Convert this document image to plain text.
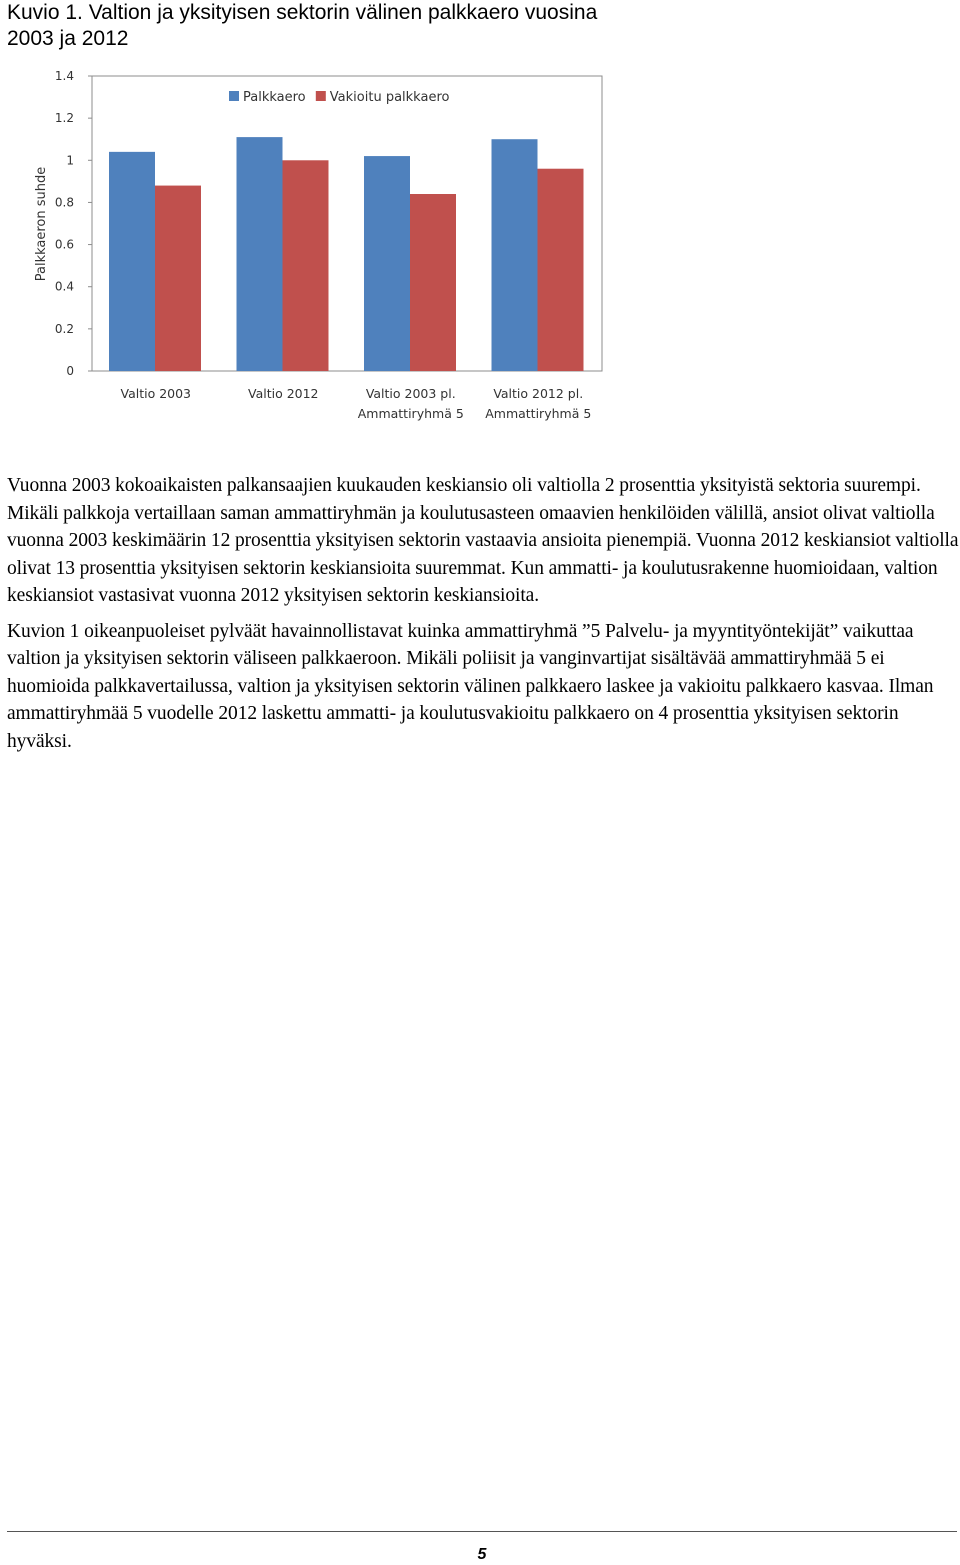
Kuvio 1. Valtion ja yksityisen sektorin välinen palkkaero vuosina
2003 ja 2012
0
0.2
0.4
0.6
0.8
1
1.2
1.4
Palkkaeron suhde
Palkkaero Vakioitu palkkaero
Valtio 2003	Valtio 2012	Valtio 2003 pl.
Ammattiryhmä 5
Valtio 2012 pl.
Ammattiryhmä 5

Vuonna 2003 kokoaikaisten palkansaajien kuukauden keskiansio oli valtiolla 2 prosenttia yksityistä sektoria suurempi. Mikäli palkkoja vertaillaan saman ammattiryhmän ja koulutusasteen omaavien henkilöiden välillä, ansiot olivat valtiolla vuonna 2003 keskimäärin 12 prosenttia yksityisen sektorin vastaavia ansioita pienempiä. Vuonna 2012 keskiansiot valtiolla olivat 13 prosenttia yksityisen sektorin keskiansioita suuremmat. Kun ammatti- ja koulutusrakenne huomioidaan, valtion keskiansiot vastasivat vuonna 2012 yksityisen sektorin keskiansioita.

Kuvion 1 oikeanpuoleiset pylväät havainnollistavat kuinka ammattiryhmä ”5 Palvelu- ja myyntityöntekijät” vaikuttaa valtion ja yksityisen sektorin väliseen palkkaeroon. Mikäli poliisit ja vanginvartijat sisältävää ammattiryhmää 5 ei huomioida palkkavertailussa, valtion ja yksityisen sektorin välinen palkkaero laskee ja vakioitu palkkaero kasvaa. Ilman ammattiryhmää 5 vuodelle 2012 laskettu ammatti- ja koulutusvakioitu palkkaero on 4 prosenttia yksityisen sektorin hyväksi.

5
